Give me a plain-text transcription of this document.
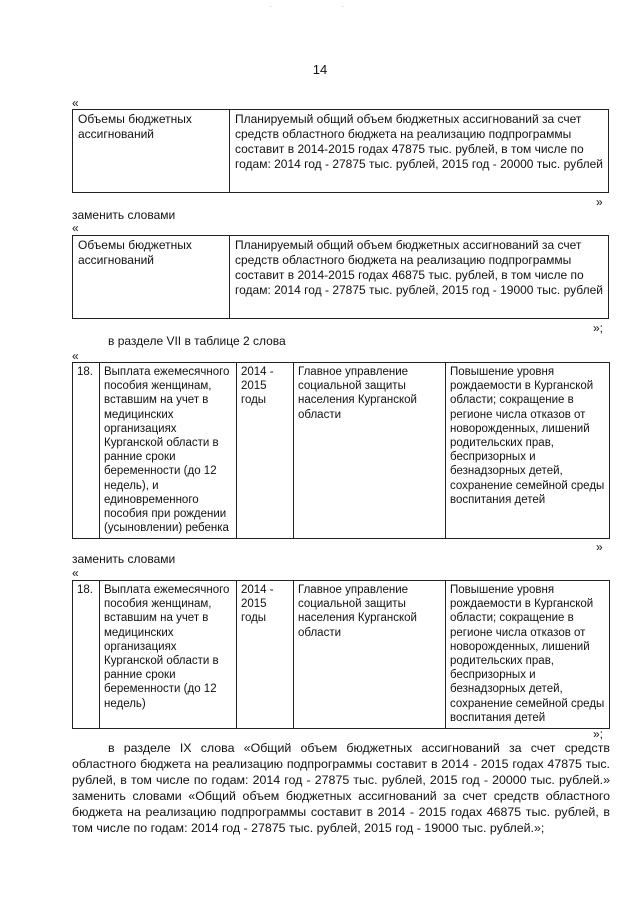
·​·
14
«
Объемы бюджетных ассигнований	Планируемый общий объем бюджетных ассигнований за счет средств областного бюджета на реализацию подпрограммы составит в 2014-2015 годах 47875 тыс. рублей, в том числе по годам: 2014 год - 27875 тыс. рублей, 2015 год - 20000 тыс. рублей
»
заменить словами
«
Объемы бюджетных ассигнований	Планируемый общий объем бюджетных ассигнований за счет средств областного бюджета на реализацию подпрограммы составит в 2014-2015 годах 46875 тыс. рублей, в том числе по годам: 2014 год - 27875 тыс. рублей, 2015 год - 19000 тыс. рублей
»;
в разделе VII в таблице 2 слова
«
18.	Выплата ежемесячного пособия женщинам, вставшим на учет в медицинских организациях Курганской области в ранние сроки беременности (до 12 недель), и единовременного пособия при рождении (усыновлении) ребенка	2014 - 2015 годы	Главное управление социальной защиты населения Курганской области	Повышение уровня рождаемости в Курганской области; сокращение в регионе числа отказов от новорожденных, лишений родительских прав, беспризорных и безнадзорных детей, сохранение семейной среды воспитания детей
»
заменить словами
«
18.	Выплата ежемесячного пособия женщинам, вставшим на учет в медицинских организациях Курганской области в ранние сроки беременности (до 12 недель)	2014 - 2015 годы	Главное управление социальной защиты населения Курганской области	Повышение уровня рождаемости в Курганской области; сокращение в регионе числа отказов от новорожденных, лишений родительских прав, беспризорных и безнадзорных детей, сохранение семейной среды воспитания детей
»;
в разделе IX слова «Общий объем бюджетных ассигнований за счет средств областного бюджета на реализацию подпрограммы составит в 2014 - 2015 годах 47875 тыс. рублей, в том числе по годам: 2014 год - 27875 тыс. рублей, 2015 год - 20000 тыс. рублей.» заменить словами «Общий объем бюджетных ассигнований за счет средств областного бюджета на реализацию подпрограммы составит в 2014 - 2015 годах 46875 тыс. рублей, в том числе по годам: 2014 год - 27875 тыс. рублей, 2015 год - 19000 тыс. рублей.»;
